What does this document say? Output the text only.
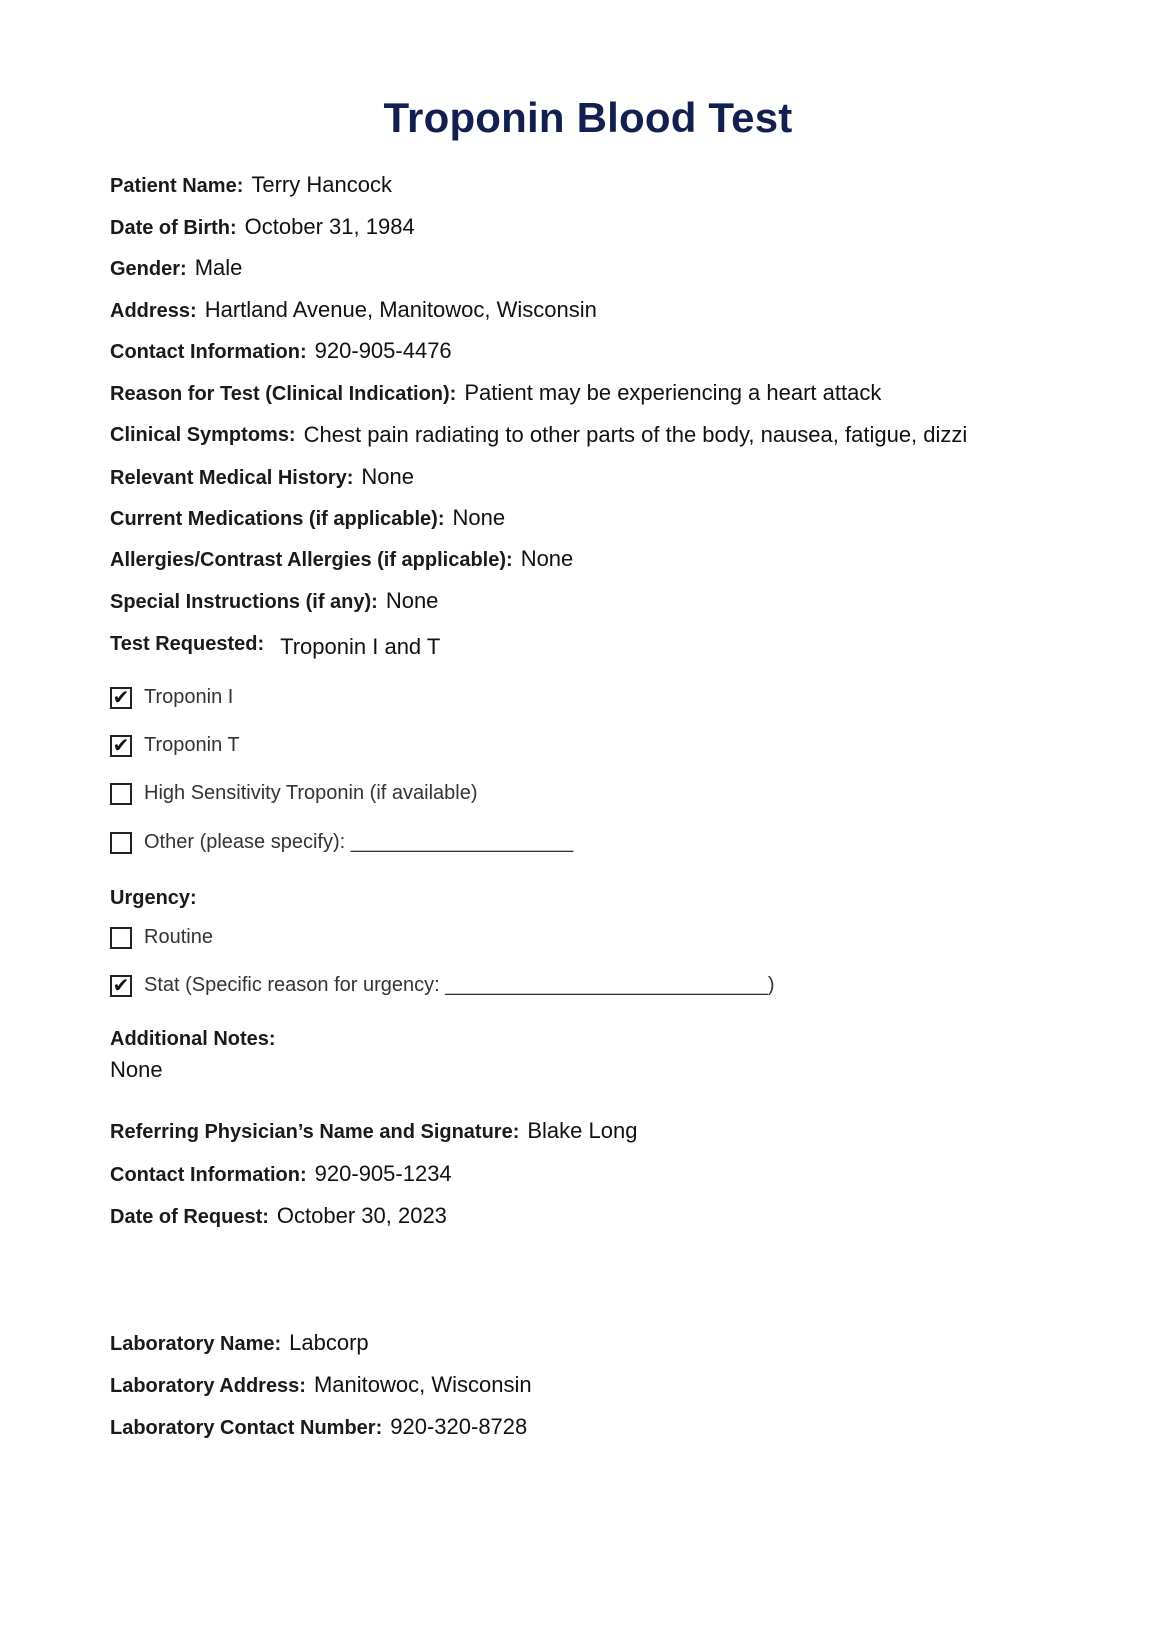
Troponin Blood Test
Patient Name: Terry Hancock
Date of Birth: October 31, 1984
Gender: Male
Address: Hartland Avenue, Manitowoc, Wisconsin
Contact Information: 920-905-4476
Reason for Test (Clinical Indication): Patient may be experiencing a heart attack
Clinical Symptoms: Chest pain radiating to other parts of the body, nausea, fatigue, dizzi
Relevant Medical History: None
Current Medications (if applicable): None
Allergies/Contrast Allergies (if applicable): None
Special Instructions (if any): None
Test Requested: Troponin I and T
✔ Troponin I
✔ Troponin T
High Sensitivity Troponin (if available)
Other (please specify): ____________________
Urgency:
Routine
✔ Stat (Specific reason for urgency: _____________________________)
Additional Notes:
None
Referring Physician’s Name and Signature: Blake Long
Contact Information: 920-905-1234
Date of Request: October 30, 2023
Laboratory Name: Labcorp
Laboratory Address: Manitowoc, Wisconsin
Laboratory Contact Number: 920-320-8728
